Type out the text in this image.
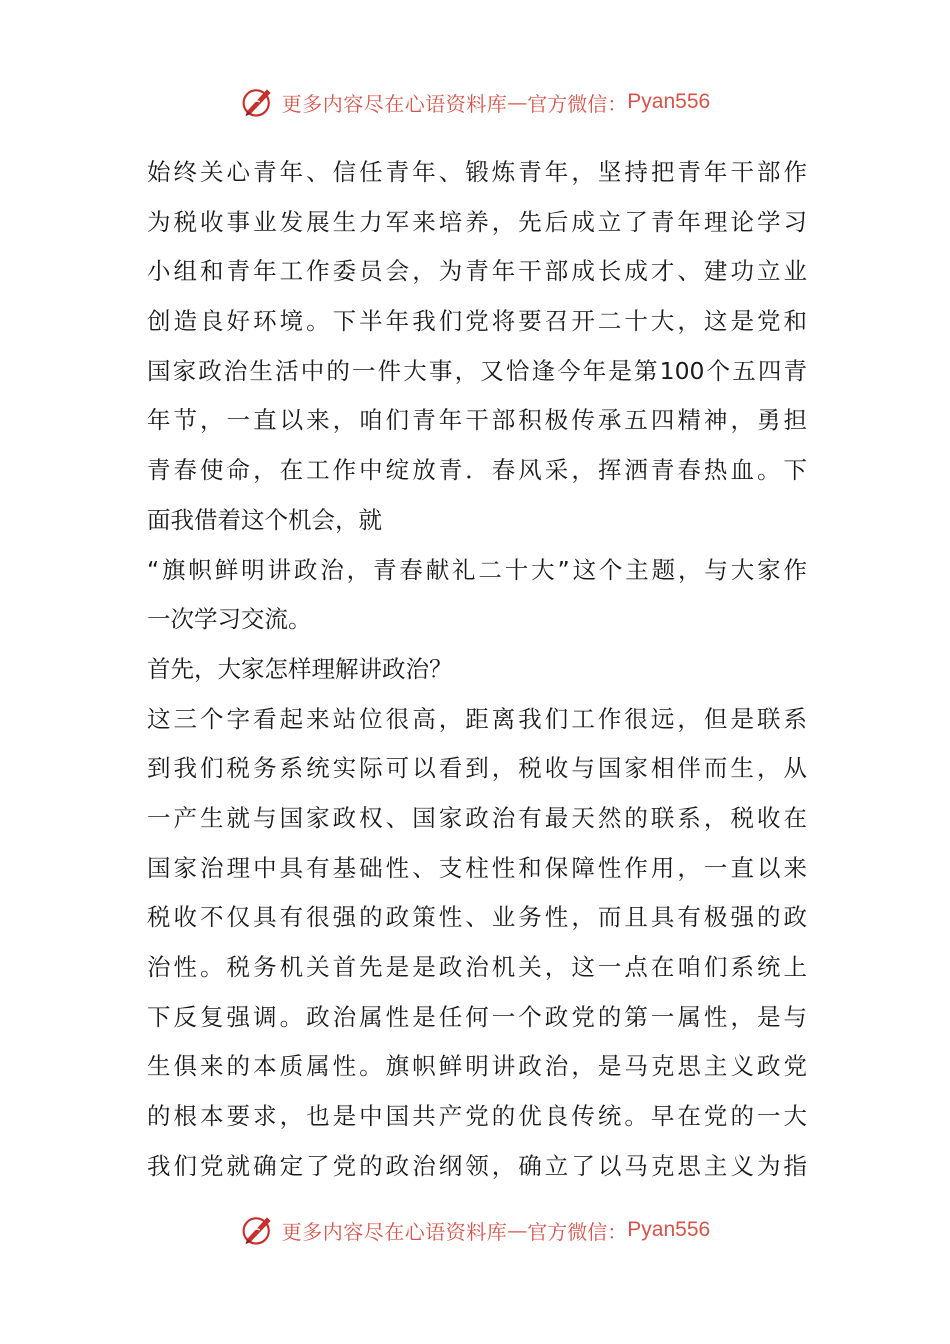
更多内容尽在心语资料库 — 官方微信： Pyan556
始终关心青年、信任青年、锻炼青年，坚持把青年干部作
为税收事业发展生力军来培养，先后成立了青年理论学习
小组和青年工作委员会，为青年干部成长成才、建功立业
创造良好环境。下半年我们党将要召开二十大，这是党和
国家政治生活中的一件大事，又恰逢今年是第100个五四青
年节，一直以来，咱们青年干部积极传承五四精神，勇担
青春使命，在工作中绽放青．春风采，挥洒青春热血。下
面我借着这个机会，就
“旗帜鲜明讲政治，青春献礼二十大”这个主题，与大家作
一次学习交流。
首先，大家怎样理解讲政治？
这三个字看起来站位很高，距离我们工作很远，但是联系
到我们税务系统实际可以看到，税收与国家相伴而生，从
一产生就与国家政权、国家政治有最天然的联系，税收在
国家治理中具有基础性、支柱性和保障性作用，一直以来
税收不仅具有很强的政策性、业务性，而且具有极强的政
治性。税务机关首先是是政治机关，这一点在咱们系统上
下反复强调。政治属性是任何一个政党的第一属性，是与
生俱来的本质属性。旗帜鲜明讲政治，是马克思主义政党
的根本要求，也是中国共产党的优良传统。早在党的一大
我们党就确定了党的政治纲领，确立了以马克思主义为指
更多内容尽在心语资料库 — 官方微信： Pyan556
